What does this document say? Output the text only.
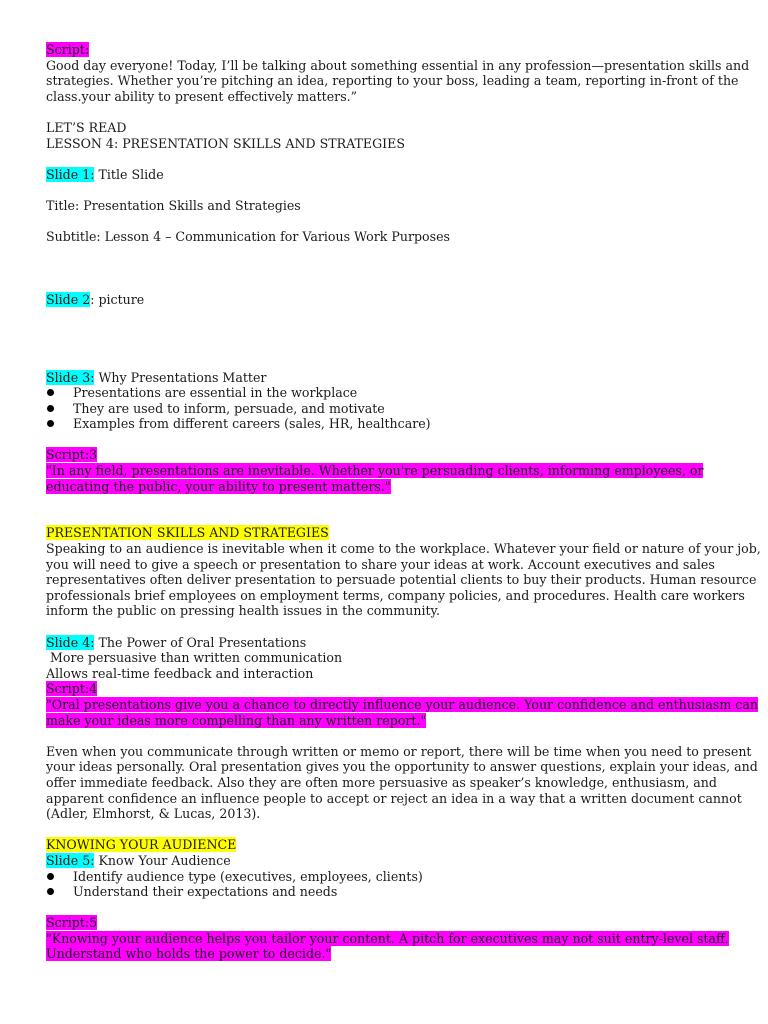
Script:
Good day everyone! Today, I’ll be talking about something essential in any profession—presentation skills and
strategies. Whether you’re pitching an idea, reporting to your boss, leading a team, reporting in-front of the
class.your ability to present effectively matters.”
LET’S READ
LESSON 4: PRESENTATION SKILLS AND STRATEGIES
Slide 1: Title Slide
Title: Presentation Skills and Strategies
Subtitle: Lesson 4 – Communication for Various Work Purposes
Slide 2: picture
Slide 3: Why Presentations Matter
Presentations are essential in the workplace
They are used to inform, persuade, and motivate
Examples from different careers (sales, HR, healthcare)
Script:3
"In any field, presentations are inevitable. Whether you're persuading clients, informing employees, or
educating the public, your ability to present matters."
PRESENTATION SKILLS AND STRATEGIES
Speaking to an audience is inevitable when it come to the workplace. Whatever your field or nature of your job,
you will need to give a speech or presentation to share your ideas at work. Account executives and sales
representatives often deliver presentation to persuade potential clients to buy their products. Human resource
professionals brief employees on employment terms, company policies, and procedures. Health care workers
inform the public on pressing health issues in the community.
Slide 4: The Power of Oral Presentations
More persuasive than written communication
Allows real-time feedback and interaction
Script:4
"Oral presentations give you a chance to directly influence your audience. Your confidence and enthusiasm can
make your ideas more compelling than any written report."
Even when you communicate through written or memo or report, there will be time when you need to present
your ideas personally. Oral presentation gives you the opportunity to answer questions, explain your ideas, and
offer immediate feedback. Also they are often more persuasive as speaker’s knowledge, enthusiasm, and
apparent confidence an influence people to accept or reject an idea in a way that a written document cannot
(Adler, Elmhorst, & Lucas, 2013).
KNOWING YOUR AUDIENCE
Slide 5: Know Your Audience
Identify audience type (executives, employees, clients)
Understand their expectations and needs
Script:5
"Knowing your audience helps you tailor your content. A pitch for executives may not suit entry-level staff.
Understand who holds the power to decide."
